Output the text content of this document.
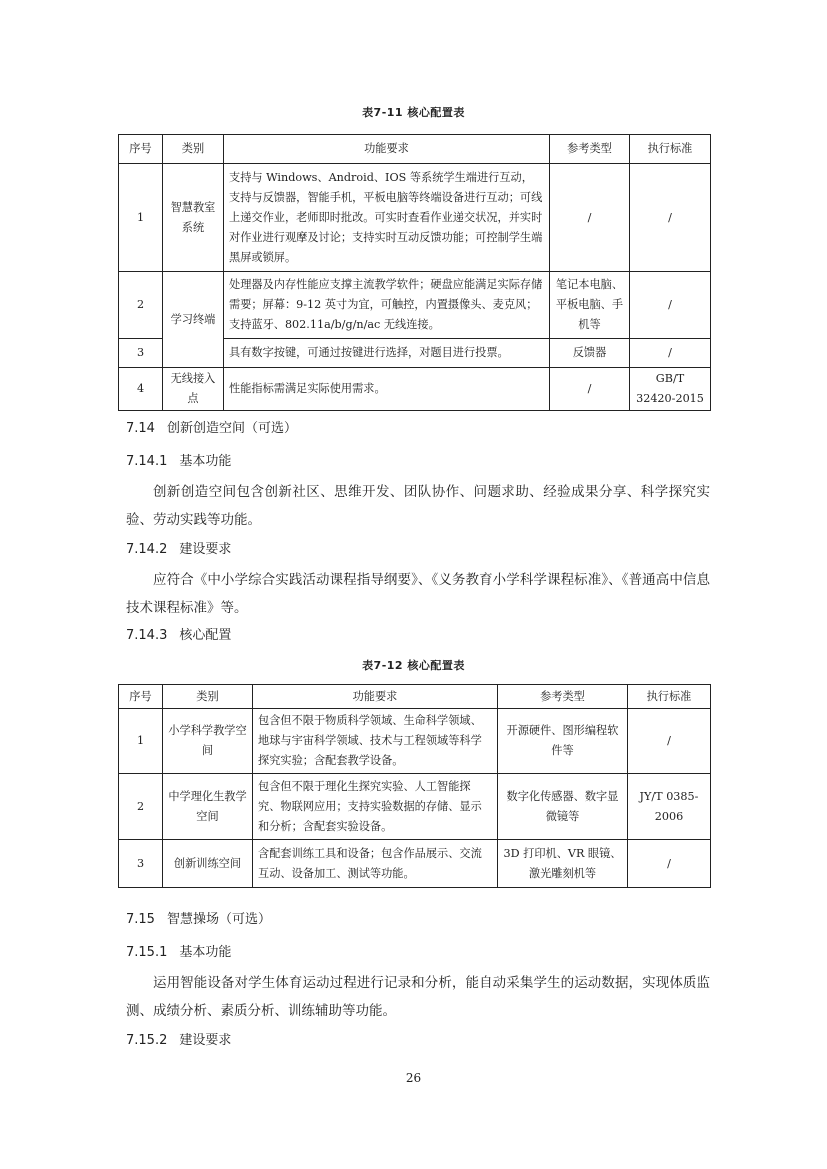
表7-11 核心配置表
序号	类别	功能要求	参考类型	执行标准
1	智慧教室系统	支持与 Windows、Android、IOS 等系统学生端进行互动，支持与反馈器，智能手机，平板电脑等终端设备进行互动；可线上递交作业，老师即时批改。可实时查看作业递交状况，并实时对作业进行观摩及讨论；支持实时互动反馈功能；可控制学生端黑屏或锁屏。	/	/
2	学习终端	处理器及内存性能应支撑主流教学软件；硬盘应能满足实际存储需要；屏幕：9-12 英寸为宜，可触控，内置摄像头、麦克风；支持蓝牙、802.11a/b/g/n/ac 无线连接。	笔记本电脑、平板电脑、手机等	/
3		具有数字按键，可通过按键进行选择，对题目进行投票。	反馈器	/
4	无线接入点	性能指标需满足实际使用需求。	/	GB/T 32420-2015
7.14 创新创造空间（可选）
7.14.1 基本功能
创新创造空间包含创新社区、思维开发、团队协作、问题求助、经验成果分享、科学探究实验、劳动实践等功能。
7.14.2 建设要求
应符合《中小学综合实践活动课程指导纲要》、《义务教育小学科学课程标准》、《普通高中信息技术课程标准》等。
7.14.3 核心配置
表7-12 核心配置表
序号	类别	功能要求	参考类型	执行标准
1	小学科学教学空间	包含但不限于物质科学领域、生命科学领域、地球与宇宙科学领域、技术与工程领域等科学探究实验；含配套教学设备。	开源硬件、图形编程软件等	/
2	中学理化生教学空间	包含但不限于理化生探究实验、人工智能探究、物联网应用；支持实验数据的存储、显示和分析；含配套实验设备。	数字化传感器、数字显微镜等	JY/T 0385-2006
3	创新训练空间	含配套训练工具和设备；包含作品展示、交流互动、设备加工、测试等功能。	3D 打印机、VR 眼镜、激光雕刻机等	/
7.15 智慧操场（可选）
7.15.1 基本功能
运用智能设备对学生体育运动过程进行记录和分析，能自动采集学生的运动数据，实现体质监测、成绩分析、素质分析、训练辅助等功能。
7.15.2 建设要求
26
